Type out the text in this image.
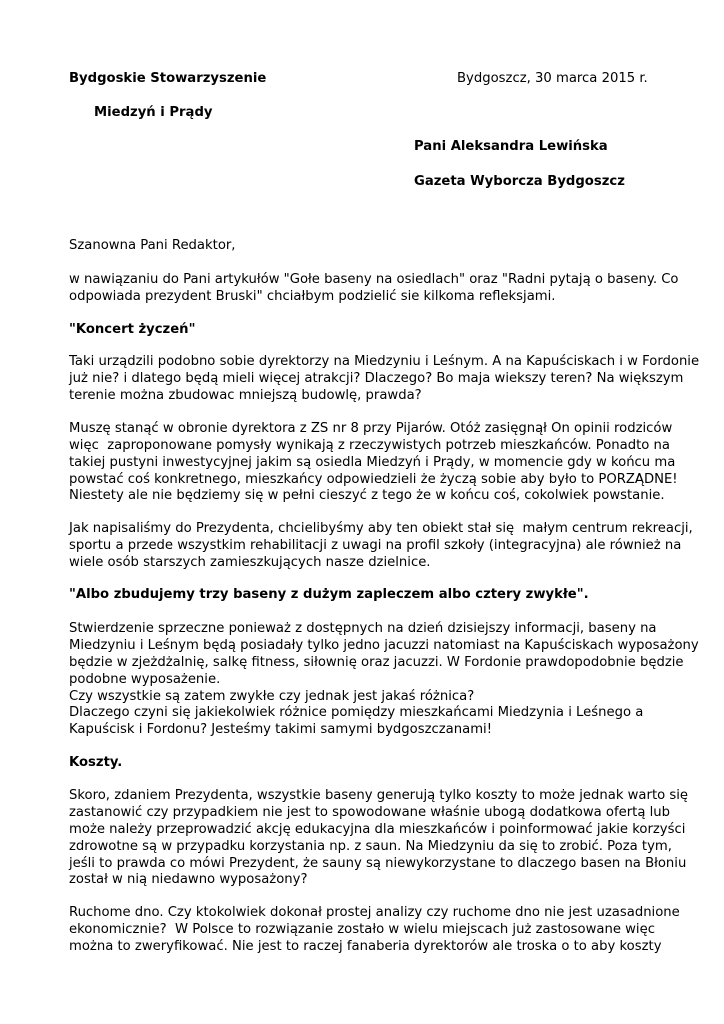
Bydgoskie Stowarzyszenie	Bydgoszcz, 30 marca 2015 r.
Miedzyń i Prądy
Pani Aleksandra Lewińska
Gazeta Wyborcza Bydgoszcz
Szanowna Pani Redaktor,
w nawiązaniu do Pani artykułów "Gołe baseny na osiedlach" oraz "Radni pytają o baseny. Co
odpowiada prezydent Bruski" chciałbym podzielić sie kilkoma refleksjami.
"Koncert życzeń"
Taki urządzili podobno sobie dyrektorzy na Miedzyniu i Leśnym. A na Kapuściskach i w Fordonie
już nie? i dlatego będą mieli więcej atrakcji? Dlaczego? Bo maja wiekszy teren? Na większym
terenie można zbudowac mniejszą budowlę, prawda?
Muszę stanąć w obronie dyrektora z ZS nr 8 przy Pijarów. Otóż zasięgnął On opinii rodziców
więc  zaproponowane pomysły wynikają z rzeczywistych potrzeb mieszkańców. Ponadto na
takiej pustyni inwestycyjnej jakim są osiedla Miedzyń i Prądy, w momencie gdy w końcu ma
powstać coś konkretnego, mieszkańcy odpowiedzieli że życzą sobie aby było to PORZĄDNE!
Niestety ale nie będziemy się w pełni cieszyć z tego że w końcu coś, cokolwiek powstanie.
Jak napisaliśmy do Prezydenta, chcielibyśmy aby ten obiekt stał się  małym centrum rekreacji,
sportu a przede wszystkim rehabilitacji z uwagi na profil szkoły (integracyjna) ale również na
wiele osób starszych zamieszkujących nasze dzielnice.
"Albo zbudujemy trzy baseny z dużym zapleczem albo cztery zwykłe".
Stwierdzenie sprzeczne ponieważ z dostępnych na dzień dzisiejszy informacji, baseny na
Miedzyniu i Leśnym będą posiadały tylko jedno jacuzzi natomiast na Kapuściskach wyposażony
będzie w zjeżdżalnię, salkę fitness, siłownię oraz jacuzzi. W Fordonie prawdopodobnie będzie
podobne wyposażenie.
Czy wszystkie są zatem zwykłe czy jednak jest jakaś różnica?
Dlaczego czyni się jakiekolwiek różnice pomiędzy mieszkańcami Miedzynia i Leśnego a
Kapuścisk i Fordonu? Jesteśmy takimi samymi bydgoszczanami!
Koszty.
Skoro, zdaniem Prezydenta, wszystkie baseny generują tylko koszty to może jednak warto się
zastanowić czy przypadkiem nie jest to spowodowane właśnie ubogą dodatkowa ofertą lub
może należy przeprowadzić akcję edukacyjna dla mieszkańców i poinformować jakie korzyści
zdrowotne są w przypadku korzystania np. z saun. Na Miedzyniu da się to zrobić. Poza tym,
jeśli to prawda co mówi Prezydent, że sauny są niewykorzystane to dlaczego basen na Błoniu
został w nią niedawno wyposażony?
Ruchome dno. Czy ktokolwiek dokonał prostej analizy czy ruchome dno nie jest uzasadnione
ekonomicznie?  W Polsce to rozwiązanie zostało w wielu miejscach już zastosowane więc
można to zweryfikować. Nie jest to raczej fanaberia dyrektorów ale troska o to aby koszty
